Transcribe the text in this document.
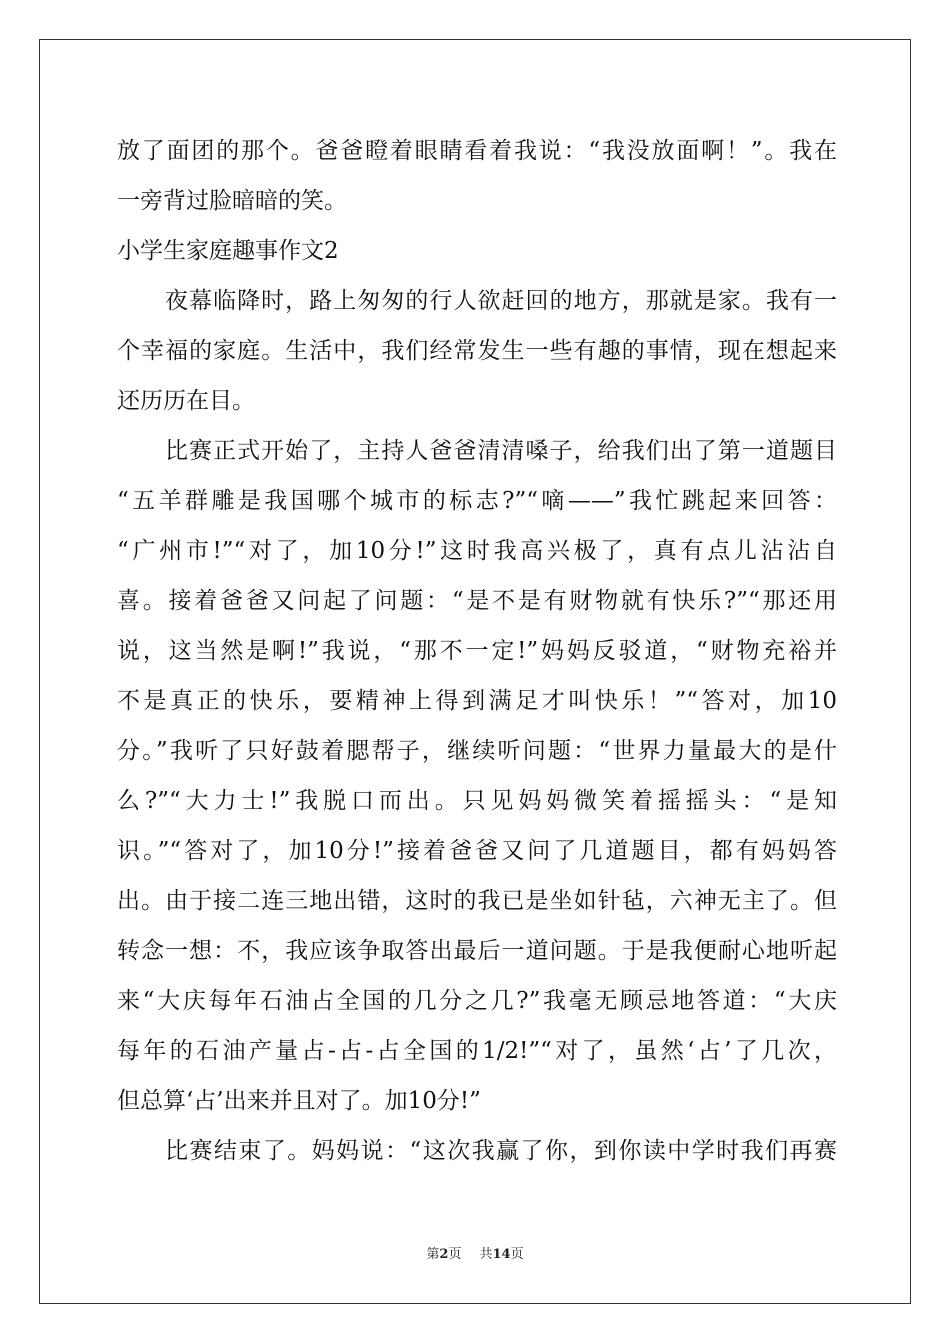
放了面团的那个。爸爸瞪着眼睛看着我说：“我没放面啊！”。我在
一旁背过脸暗暗的笑。
小学生家庭趣事作文2
夜幕临降时，路上匆匆的行人欲赶回的地方，那就是家。我有一
个幸福的家庭。生活中，我们经常发生一些有趣的事情，现在想起来
还历历在目。
比赛正式开始了，主持人爸爸清清嗓子，给我们出了第一道题目
“五羊群雕是我国哪个城市的标志?”“嘀——”我忙跳起来回答：
“广州市!”“对了，加10分!”这时我高兴极了，真有点儿沾沾自
喜。接着爸爸又问起了问题：“是不是有财物就有快乐?”“那还用
说，这当然是啊!”我说，“那不一定!”妈妈反驳道，“财物充裕并
不是真正的快乐，要精神上得到满足才叫快乐！”“答对，加10
分。”我听了只好鼓着腮帮子，继续听问题：“世界力量最大的是什
么?”“大力士!”我脱口而出。只见妈妈微笑着摇摇头：“是知
识。”“答对了，加10分!”接着爸爸又问了几道题目，都有妈妈答
出。由于接二连三地出错，这时的我已是坐如针毡，六神无主了。但
转念一想：不，我应该争取答出最后一道问题。于是我便耐心地听起
来“大庆每年石油占全国的几分之几?”我毫无顾忌地答道：“大庆
每年的石油产量占-占-占全国的1/2!”“对了，虽然‘占’了几次，
但总算‘占’出来并且对了。加10分!”
比赛结束了。妈妈说：“这次我赢了你，到你读中学时我们再赛
第2页 共14页
